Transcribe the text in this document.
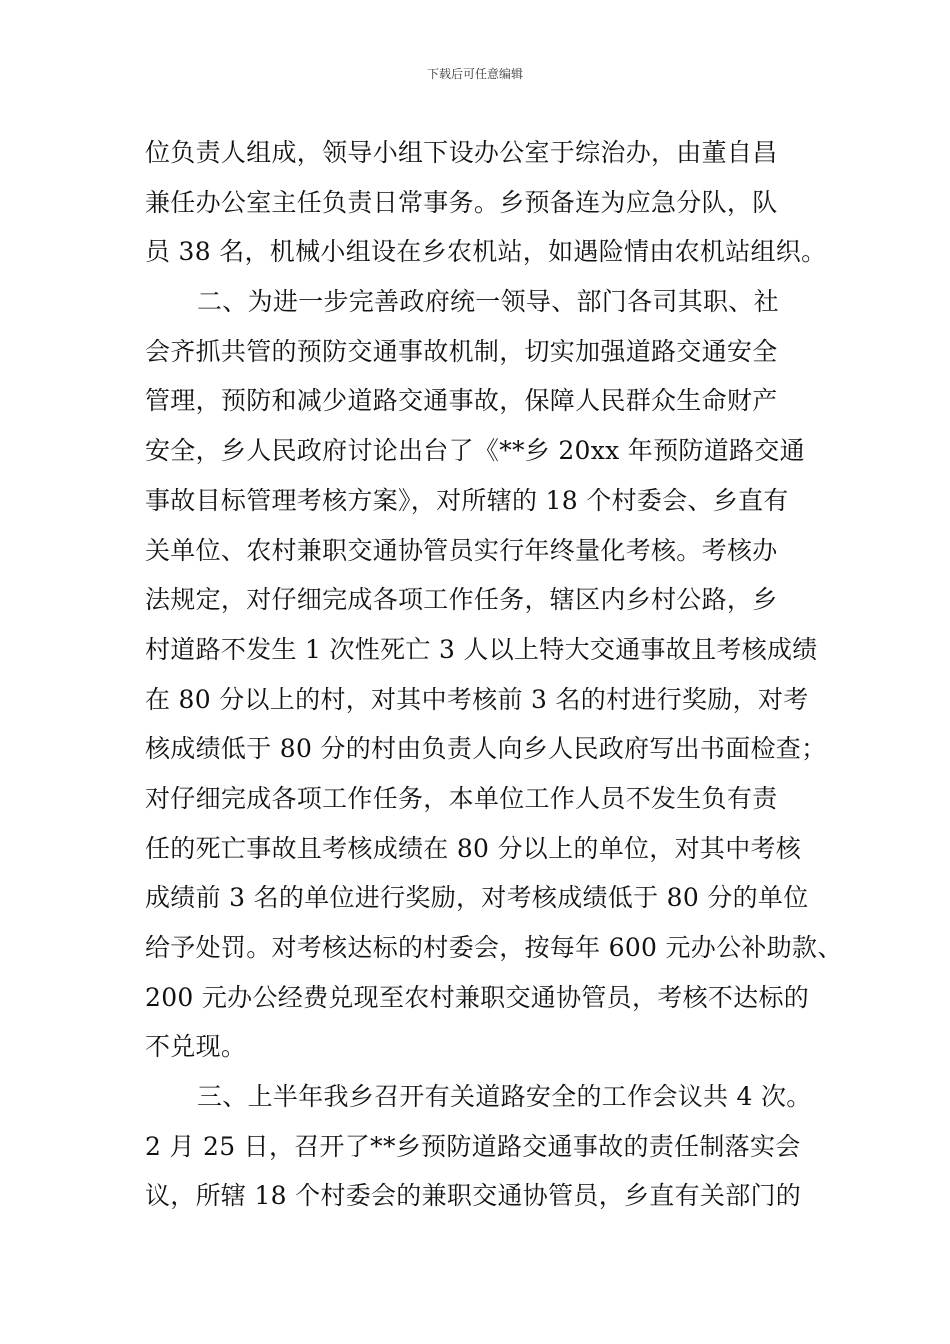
下载后可任意编辑
位负责人组成，领导小组下设办公室于综治办，由董自昌
兼任办公室主任负责日常事务。乡预备连为应急分队，队
员 38 名，机械小组设在乡农机站，如遇险情由农机站组织。
二、为进一步完善政府统一领导、部门各司其职、社
会齐抓共管的预防交通事故机制，切实加强道路交通安全
管理，预防和减少道路交通事故，保障人民群众生命财产
安全，乡人民政府讨论出台了《**乡 20xx 年预防道路交通
事故目标管理考核方案》，对所辖的 18 个村委会、乡直有
关单位、农村兼职交通协管员实行年终量化考核。考核办
法规定，对仔细完成各项工作任务，辖区内乡村公路，乡
村道路不发生 1 次性死亡 3 人以上特大交通事故且考核成绩
在 80 分以上的村，对其中考核前 3 名的村进行奖励，对考
核成绩低于 80 分的村由负责人向乡人民政府写出书面检查；
对仔细完成各项工作任务，本单位工作人员不发生负有责
任的死亡事故且考核成绩在 80 分以上的单位，对其中考核
成绩前 3 名的单位进行奖励，对考核成绩低于 80 分的单位
给予处罚。对考核达标的村委会，按每年 600 元办公补助款、
200 元办公经费兑现至农村兼职交通协管员，考核不达标的
不兑现。
三、上半年我乡召开有关道路安全的工作会议共 4 次。
2 月 25 日，召开了**乡预防道路交通事故的责任制落实会
议，所辖 18 个村委会的兼职交通协管员，乡直有关部门的
